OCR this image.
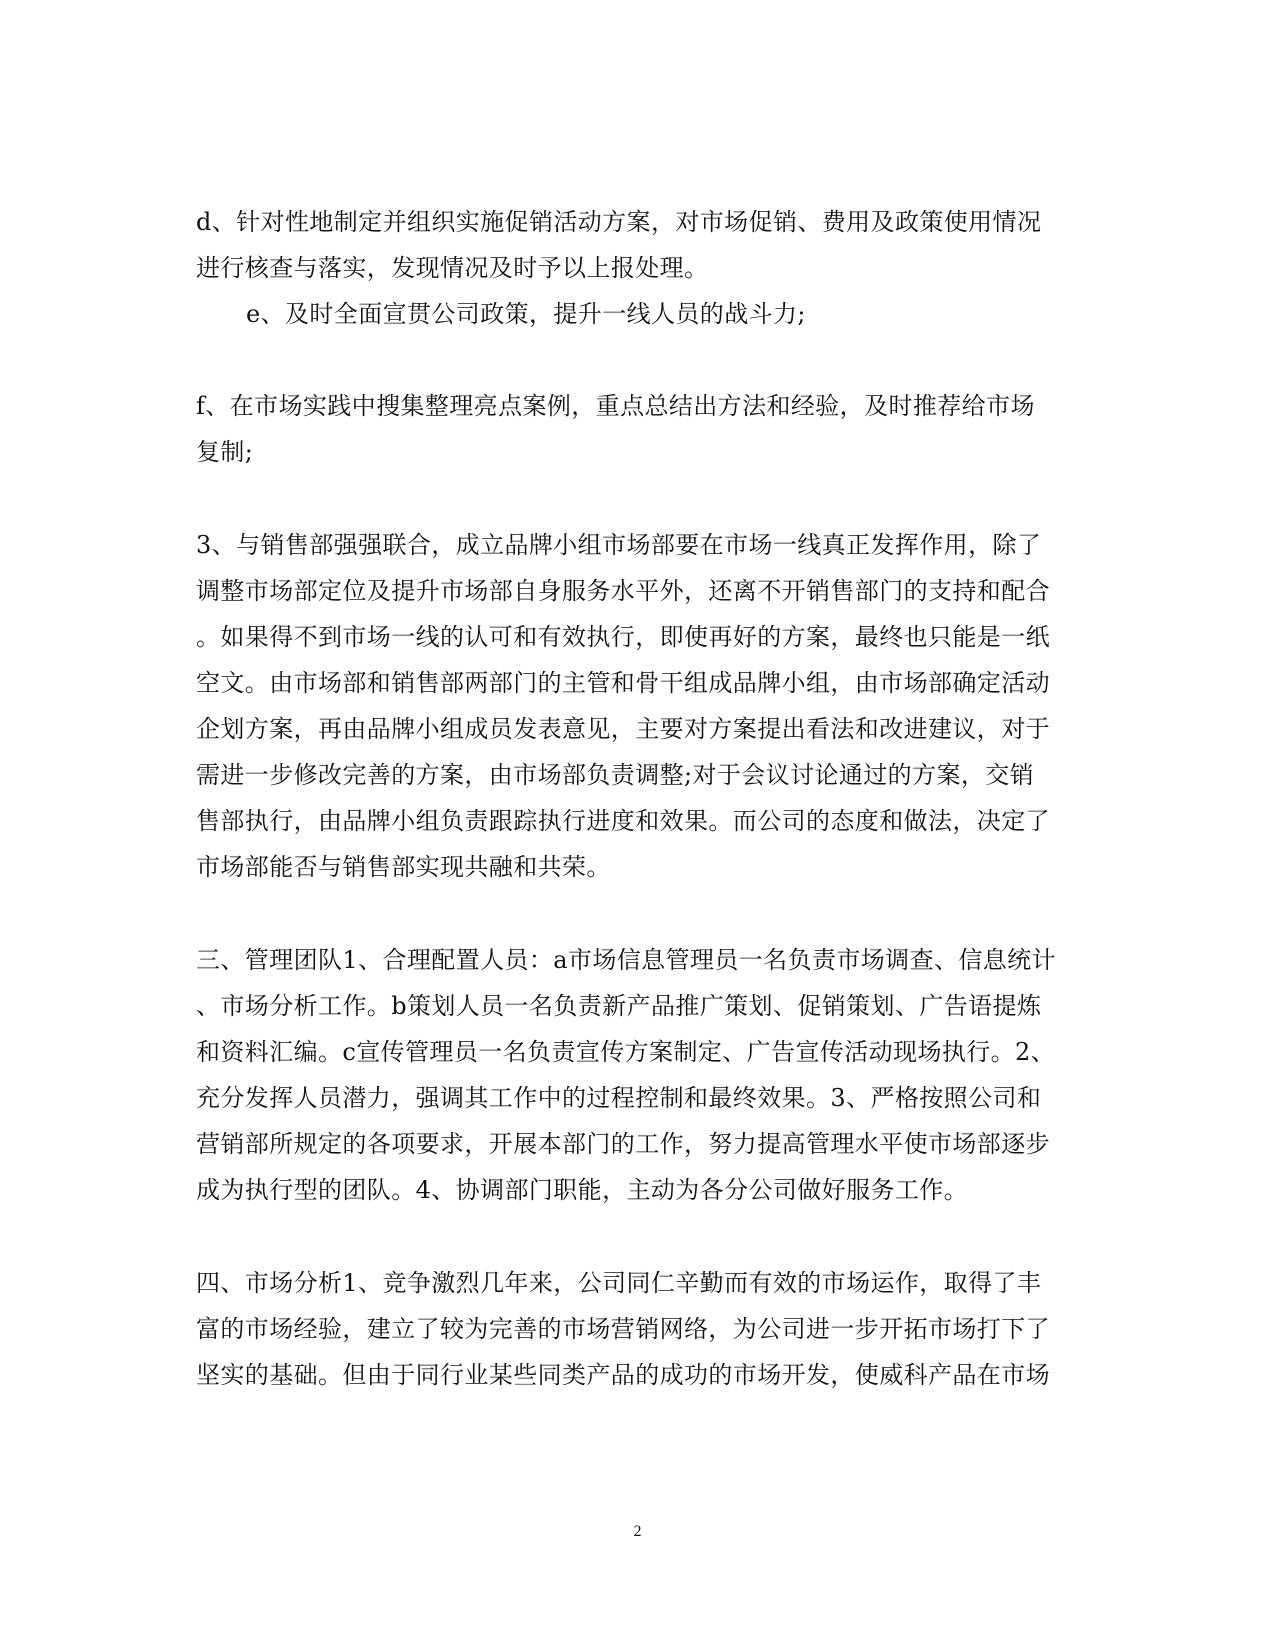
d、针对性地制定并组织实施促销活动方案，对市场促销、费用及政策使用情况
进行核查与落实，发现情况及时予以上报处理。
e、及时全面宣贯公司政策，提升一线人员的战斗力;
f、在市场实践中搜集整理亮点案例，重点总结出方法和经验，及时推荐给市场
复制;
3、与销售部强强联合，成立品牌小组市场部要在市场一线真正发挥作用，除了
调整市场部定位及提升市场部自身服务水平外，还离不开销售部门的支持和配合
。如果得不到市场一线的认可和有效执行，即使再好的方案，最终也只能是一纸
空文。由市场部和销售部两部门的主管和骨干组成品牌小组，由市场部确定活动
企划方案，再由品牌小组成员发表意见，主要对方案提出看法和改进建议，对于
需进一步修改完善的方案，由市场部负责调整;对于会议讨论通过的方案，交销
售部执行，由品牌小组负责跟踪执行进度和效果。而公司的态度和做法，决定了
市场部能否与销售部实现共融和共荣。
三、管理团队1、合理配置人员：a市场信息管理员一名负责市场调查、信息统计
、市场分析工作。b策划人员一名负责新产品推广策划、促销策划、广告语提炼
和资料汇编。c宣传管理员一名负责宣传方案制定、广告宣传活动现场执行。2、
充分发挥人员潜力，强调其工作中的过程控制和最终效果。3、严格按照公司和
营销部所规定的各项要求，开展本部门的工作，努力提高管理水平使市场部逐步
成为执行型的团队。4、协调部门职能，主动为各分公司做好服务工作。
四、市场分析1、竞争激烈几年来，公司同仁辛勤而有效的市场运作，取得了丰
富的市场经验，建立了较为完善的市场营销网络，为公司进一步开拓市场打下了
坚实的基础。但由于同行业某些同类产品的成功的市场开发，使威科产品在市场
2
